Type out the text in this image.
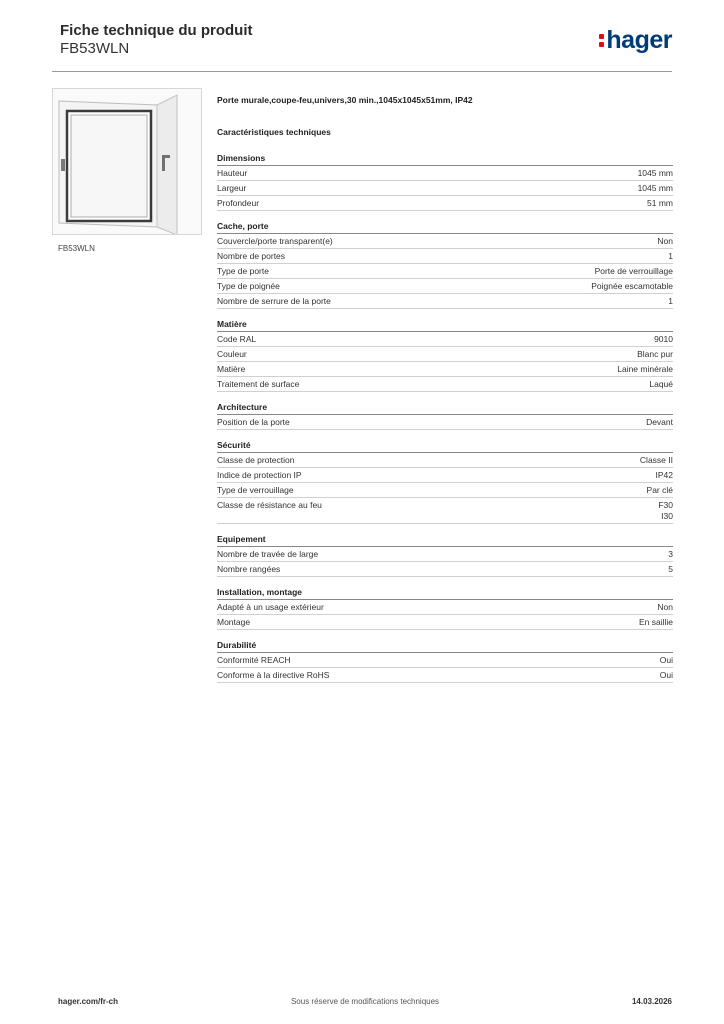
Fiche technique du produit
FB53WLN	hager
FB53WLN
Porte murale,coupe-feu,univers,30 min.,1045x1045x51mm, IP42
Caractéristiques techniques
Dimensions
Hauteur	1045 mm
Largeur	1045 mm
Profondeur	51 mm
Cache, porte
Couvercle/porte transparent(e)	Non
Nombre de portes	1
Type de porte	Porte de verrouillage
Type de poignée	Poignée escamotable
Nombre de serrure de la porte	1
Matière
Code RAL	9010
Couleur	Blanc pur
Matière	Laine minérale
Traitement de surface	Laqué
Architecture
Position de la porte	Devant
Sécurité
Classe de protection	Classe II
Indice de protection IP	IP42
Type de verrouillage	Par clé
Classe de résistance au feu	F30
I30
Equipement
Nombre de travée de large	3
Nombre rangées	5
Installation, montage
Adapté à un usage extérieur	Non
Montage	En saillie
Durabilité
Conformité REACH	Oui
Conforme à la directive RoHS	Oui
hager.com/fr-ch	Sous réserve de modifications techniques	14.03.2026
